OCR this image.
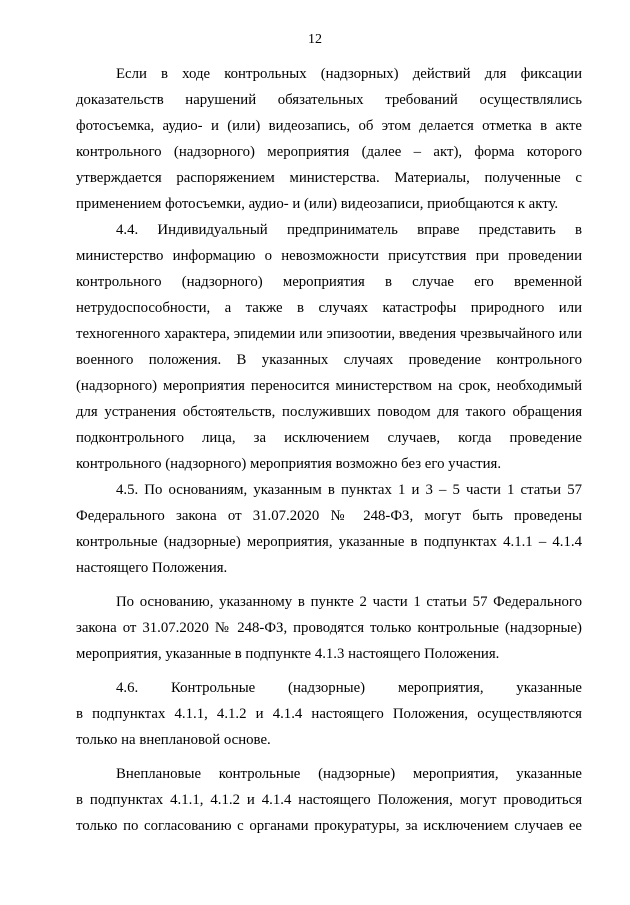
12
Если в ходе контрольных (надзорных) действий для фиксации
доказательств нарушений обязательных требований осуществлялись
фотосъемка, аудио- и (или) видеозапись, об этом делается отметка в акте
контрольного (надзорного) мероприятия (далее – акт), форма которого
утверждается распоряжением министерства. Материалы, полученные с
применением фотосъемки, аудио- и (или) видеозаписи, приобщаются к акту.
4.4. Индивидуальный предприниматель вправе представить в
министерство информацию о невозможности присутствия при проведении
контрольного (надзорного) мероприятия в случае его временной
нетрудоспособности, а также в случаях катастрофы природного или
техногенного характера, эпидемии или эпизоотии, введения чрезвычайного или
военного положения. В указанных случаях проведение контрольного
(надзорного) мероприятия переносится министерством на срок, необходимый
для устранения обстоятельств, послуживших поводом для такого обращения
подконтрольного лица, за исключением случаев, когда проведение
контрольного (надзорного) мероприятия возможно без его участия.
4.5. По основаниям, указанным в пунктах 1 и 3 – 5 части 1 статьи 57
Федерального закона от 31.07.2020 № 248-ФЗ, могут быть проведены
контрольные (надзорные) мероприятия, указанные в подпунктах 4.1.1 – 4.1.4
настоящего Положения.
По основанию, указанному в пункте 2 части 1 статьи 57 Федерального
закона от 31.07.2020 № 248-ФЗ, проводятся только контрольные (надзорные)
мероприятия, указанные в подпункте 4.1.3 настоящего Положения.
4.6. Контрольные (надзорные) мероприятия, указанные
в подпунктах 4.1.1, 4.1.2 и 4.1.4 настоящего Положения, осуществляются
только на внеплановой основе.
Внеплановые контрольные (надзорные) мероприятия, указанные
в подпунктах 4.1.1, 4.1.2 и 4.1.4 настоящего Положения, могут проводиться
только по согласованию с органами прокуратуры, за исключением случаев ее
